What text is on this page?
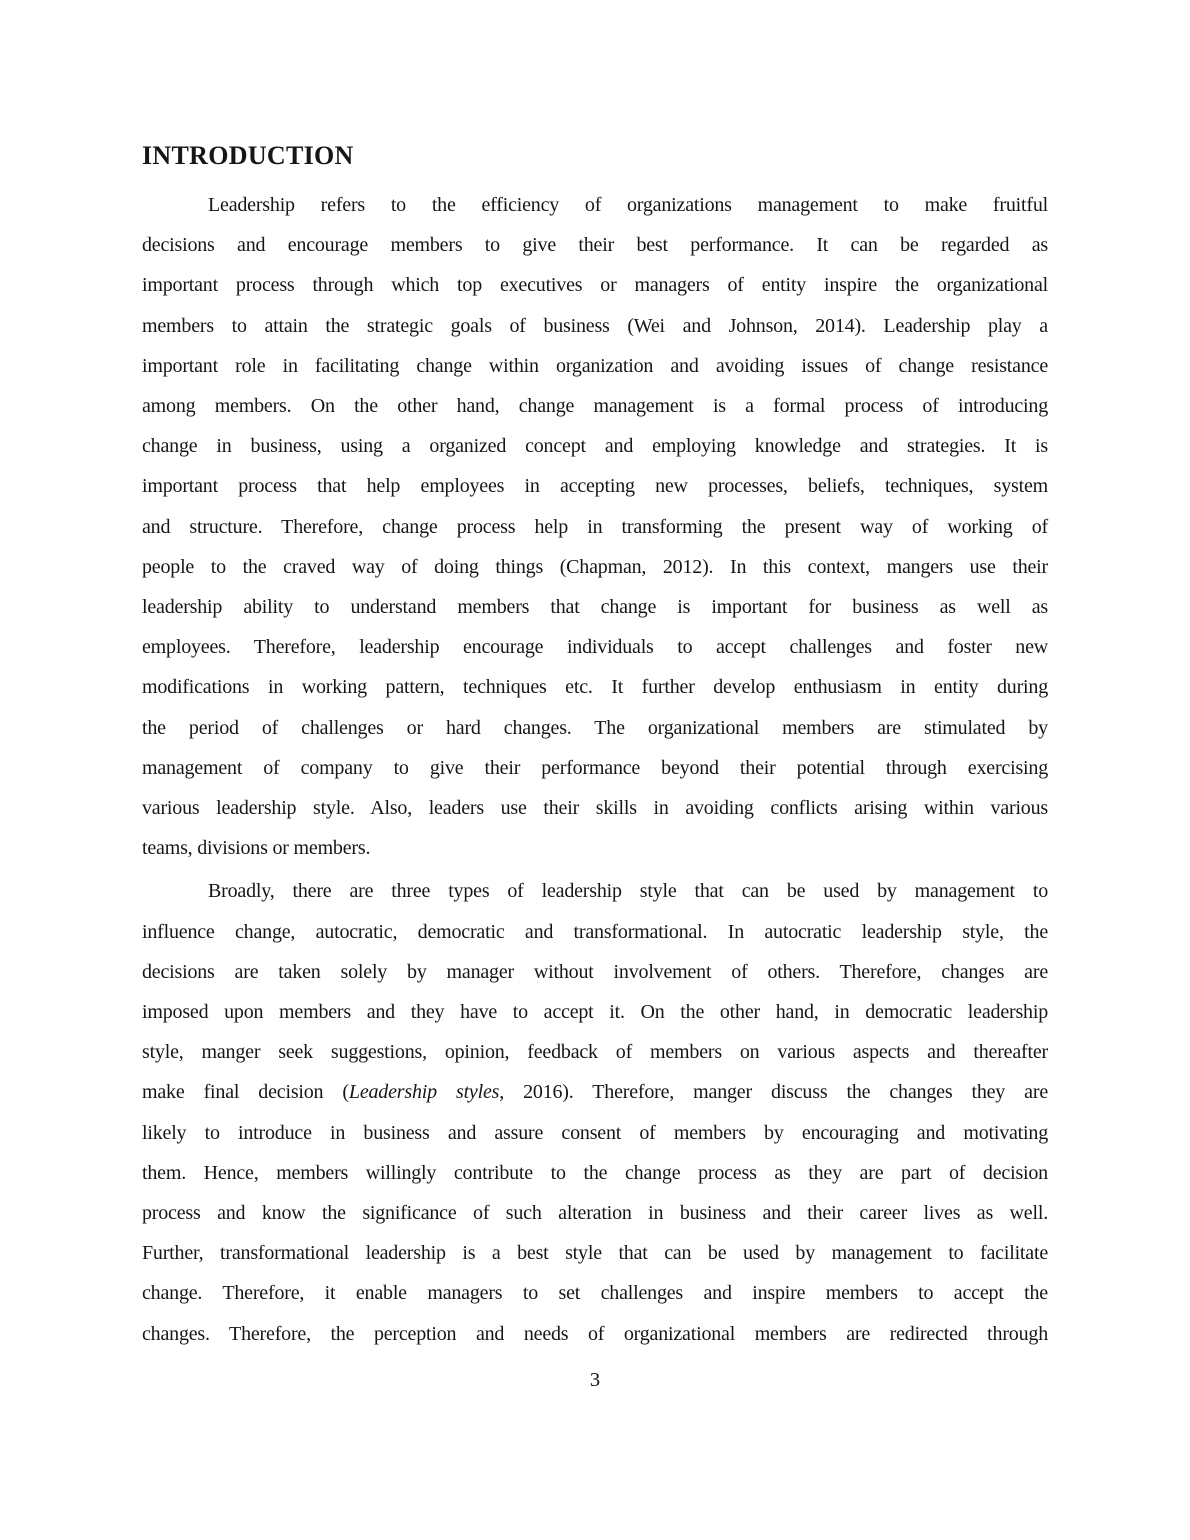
INTRODUCTION
Leadership refers to the efficiency of organizations management to make fruitful
decisions and encourage members to give their best performance. It can be regarded as
important process through which top executives or managers of entity inspire the organizational
members to attain the strategic goals of business (Wei and Johnson, 2014). Leadership play a
important role in facilitating change within organization and avoiding issues of change resistance
among members. On the other hand, change management is a formal process of introducing
change in business, using a organized concept and employing knowledge and strategies. It is
important process that help employees in accepting new processes, beliefs, techniques, system
and structure. Therefore, change process help in transforming the present way of working of
people to the craved way of doing things (Chapman, 2012). In this context, mangers use their
leadership ability to understand members that change is important for business as well as
employees. Therefore, leadership encourage individuals to accept challenges and foster new
modifications in working pattern, techniques etc. It further develop enthusiasm in entity during
the period of challenges or hard changes. The organizational members are stimulated by
management of company to give their performance beyond their potential through exercising
various leadership style. Also, leaders use their skills in avoiding conflicts arising within various
teams, divisions or members.
Broadly, there are three types of leadership style that can be used by management to
influence change, autocratic, democratic and transformational. In autocratic leadership style, the
decisions are taken solely by manager without involvement of others. Therefore, changes are
imposed upon members and they have to accept it. On the other hand, in democratic leadership
style, manger seek suggestions, opinion, feedback of members on various aspects and thereafter
make final decision (Leadership styles, 2016). Therefore, manger discuss the changes they are
likely to introduce in business and assure consent of members by encouraging and motivating
them. Hence, members willingly contribute to the change process as they are part of decision
process and know the significance of such alteration in business and their career lives as well.
Further, transformational leadership is a best style that can be used by management to facilitate
change. Therefore, it enable managers to set challenges and inspire members to accept the
changes. Therefore, the perception and needs of organizational members are redirected through
3
